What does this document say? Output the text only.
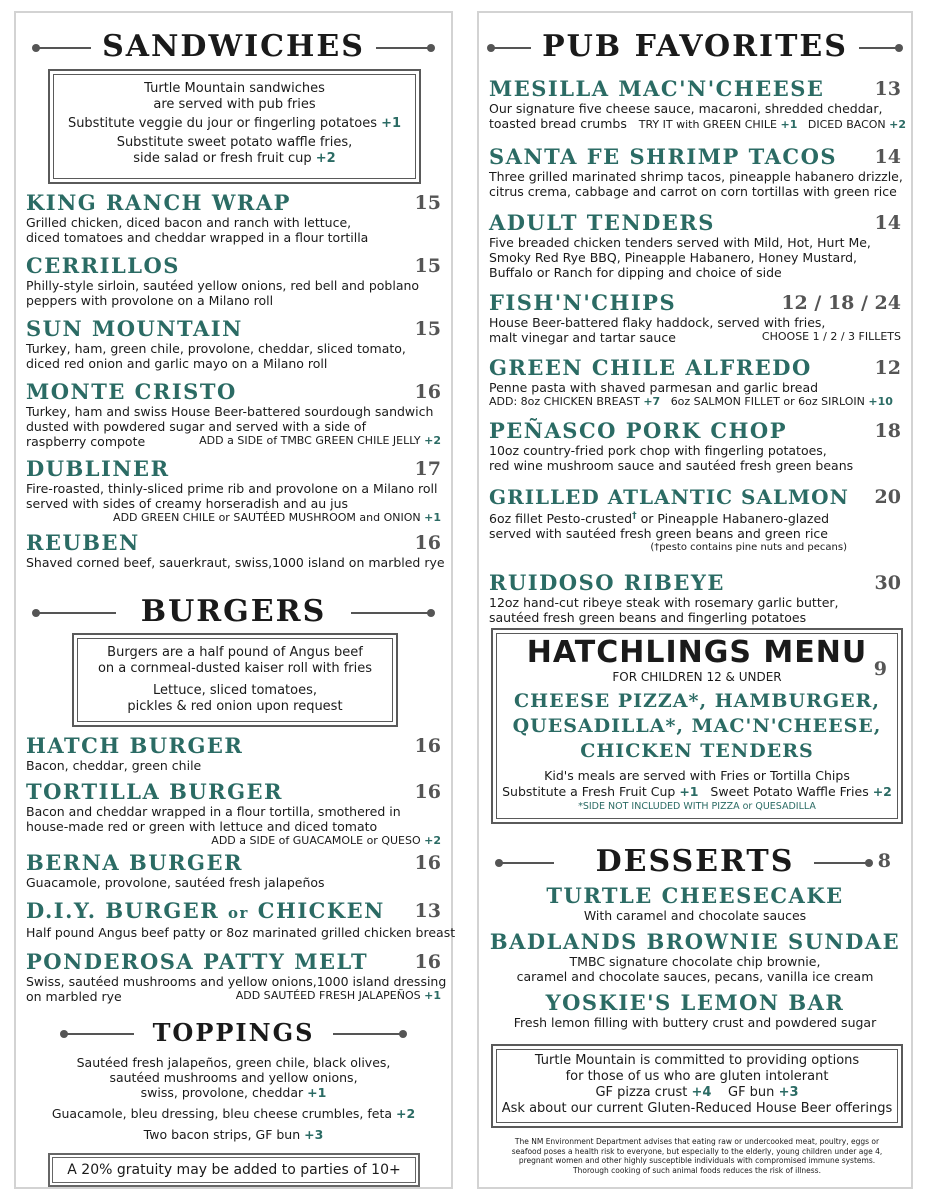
SANDWICHES
Turtle Mountain sandwiches
are served with pub fries
Substitute veggie du jour or fingerling potatoes +1
Substitute sweet potato waffle fries,
side salad or fresh fruit cup +2
KING RANCH WRAP	15
Grilled chicken, diced bacon and ranch with lettuce,
diced tomatoes and cheddar wrapped in a flour tortilla
CERRILLOS	15
Philly-style sirloin, sautéed yellow onions, red bell and poblano
peppers with provolone on a Milano roll
SUN MOUNTAIN	15
Turkey, ham, green chile, provolone, cheddar, sliced tomato,
diced red onion and garlic mayo on a Milano roll
MONTE CRISTO	16
Turkey, ham and swiss House Beer-battered sourdough sandwich
dusted with powdered sugar and served with a side of
raspberry compote	ADD a SIDE of TMBC GREEN CHILE JELLY +2
DUBLINER	17
Fire-roasted, thinly-sliced prime rib and provolone on a Milano roll
served with sides of creamy horseradish and au jus
ADD GREEN CHILE or SAUTÉED MUSHROOM and ONION +1
REUBEN	16
Shaved corned beef, sauerkraut, swiss,1000 island on marbled rye
BURGERS
Burgers are a half pound of Angus beef
on a cornmeal-dusted kaiser roll with fries
Lettuce, sliced tomatoes,
pickles & red onion upon request
HATCH BURGER	16
Bacon, cheddar, green chile
TORTILLA BURGER	16
Bacon and cheddar wrapped in a flour tortilla, smothered in
house-made red or green with lettuce and diced tomato
ADD a SIDE of GUACAMOLE or QUESO +2
BERNA BURGER	16
Guacamole, provolone, sautéed fresh jalapeños
D.I.Y. BURGER or CHICKEN	13
Half pound Angus beef patty or 8oz marinated grilled chicken breast
PONDEROSA PATTY MELT	16
Swiss, sautéed mushrooms and yellow onions,1000 island dressing
on marbled rye	ADD SAUTÉED FRESH JALAPEÑOS +1
TOPPINGS
Sautéed fresh jalapeños, green chile, black olives,
sautéed mushrooms and yellow onions,
swiss, provolone, cheddar +1
Guacamole, bleu dressing, bleu cheese crumbles, feta +2
Two bacon strips, GF bun +3
A 20% gratuity may be added to parties of 10+
PUB FAVORITES
MESILLA MAC'N'CHEESE	13
Our signature five cheese sauce, macaroni, shredded cheddar,
toasted bread crumbs TRY IT with GREEN CHILE +1 DICED BACON +2
SANTA FE SHRIMP TACOS	14
Three grilled marinated shrimp tacos, pineapple habanero drizzle,
citrus crema, cabbage and carrot on corn tortillas with green rice
ADULT TENDERS	14
Five breaded chicken tenders served with Mild, Hot, Hurt Me,
Smoky Red Rye BBQ, Pineapple Habanero, Honey Mustard,
Buffalo or Ranch for dipping and choice of side
FISH'N'CHIPS	12 / 18 / 24
House Beer-battered flaky haddock, served with fries,
malt vinegar and tartar sauce	CHOOSE 1 / 2 / 3 FILLETS
GREEN CHILE ALFREDO	12
Penne pasta with shaved parmesan and garlic bread
ADD: 8oz CHICKEN BREAST +7 6oz SALMON FILLET or 6oz SIRLOIN +10
PEÑASCO PORK CHOP	18
10oz country-fried pork chop with fingerling potatoes,
red wine mushroom sauce and sautéed fresh green beans
GRILLED ATLANTIC SALMON	20
6oz fillet Pesto-crusted† or Pineapple Habanero-glazed
served with sautéed fresh green beans and green rice
(†pesto contains pine nuts and pecans)
RUIDOSO RIBEYE	30
12oz hand-cut ribeye steak with rosemary garlic butter,
sautéed fresh green beans and fingerling potatoes
HATCHLINGS MENU
FOR CHILDREN 12 & UNDER	9
CHEESE PIZZA*, HAMBURGER,
QUESADILLA*, MAC'N'CHEESE,
CHICKEN TENDERS
Kid's meals are served with Fries or Tortilla Chips
Substitute a Fresh Fruit Cup +1 Sweet Potato Waffle Fries +2
*SIDE NOT INCLUDED WITH PIZZA or QUESADILLA
DESSERTS	8
TURTLE CHEESECAKE
With caramel and chocolate sauces
BADLANDS BROWNIE SUNDAE
TMBC signature chocolate chip brownie,
caramel and chocolate sauces, pecans, vanilla ice cream
YOSKIE'S LEMON BAR
Fresh lemon filling with buttery crust and powdered sugar
Turtle Mountain is committed to providing options
for those of us who are gluten intolerant
GF pizza crust +4 GF bun +3
Ask about our current Gluten-Reduced House Beer offerings
The NM Environment Department advises that eating raw or undercooked meat, poultry, eggs or
seafood poses a health risk to everyone, but especially to the elderly, young children under age 4,
pregnant women and other highly susceptible individuals with compromised immune systems.
Thorough cooking of such animal foods reduces the risk of illness.
